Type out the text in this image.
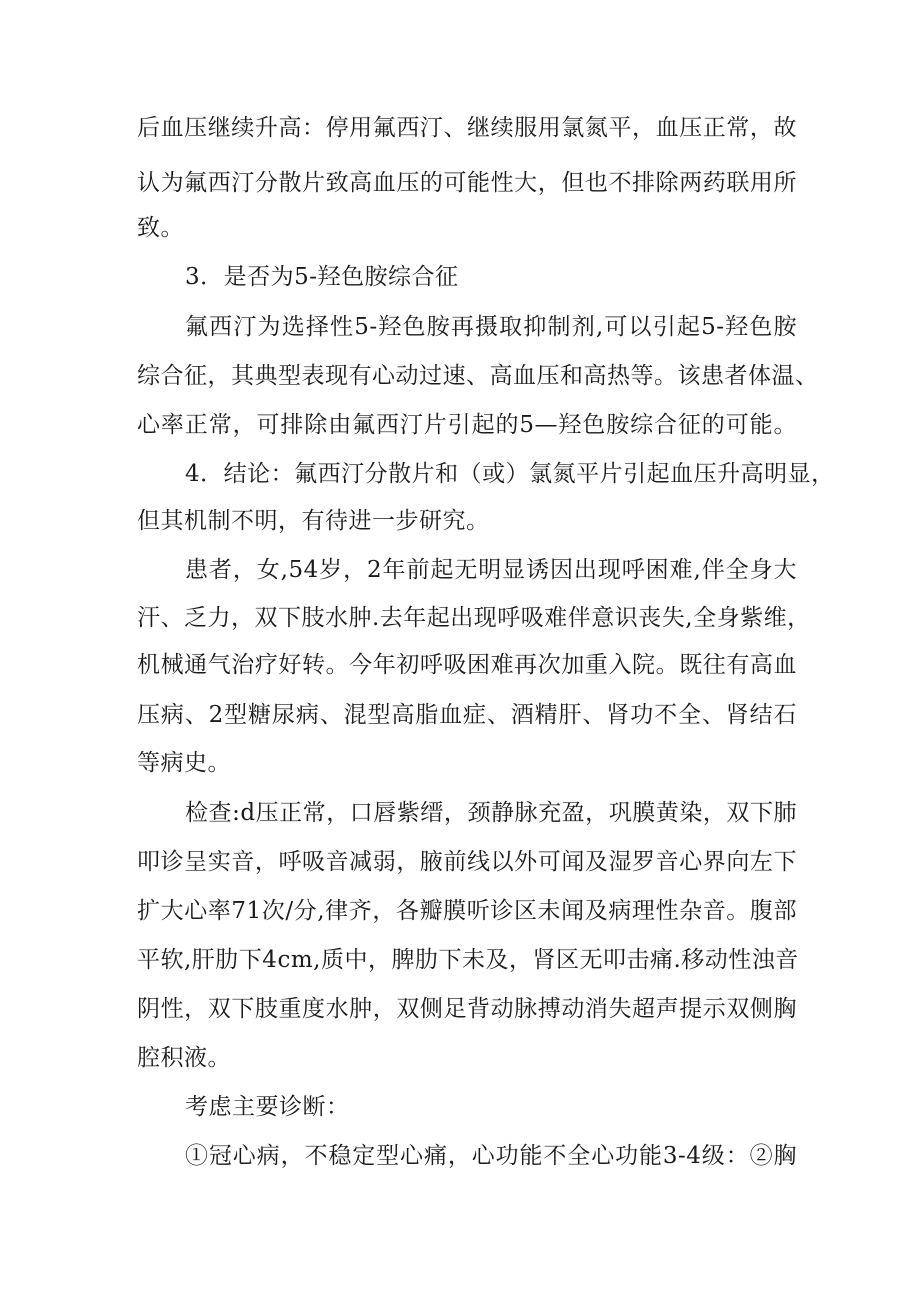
后血压继续升高：停用氟西汀、继续服用氯氮平，血压正常，故
认为氟西汀分散片致高血压的可能性大，但也不排除两药联用所
致。
3．是否为5-羟色胺综合征
氟西汀为选择性5-羟色胺再摄取抑制剂,可以引起5-羟色胺
综合征，其典型表现有心动过速、高血压和高热等。该患者体温、
心率正常，可排除由氟西汀片引起的5—羟色胺综合征的可能。
4．结论：氟西汀分散片和（或）氯氮平片引起血压升高明显，
但其机制不明，有待进一步研究。
患者，女,54岁，2年前起无明显诱因出现呼困难,伴全身大
汗、乏力，双下肢水肿.去年起出现呼吸难伴意识丧失,全身紫维，
机械通气治疗好转。今年初呼吸困难再次加重入院。既往有高血
压病、2型糖尿病、混型高脂血症、酒精肝、肾功不全、肾结石
等病史。
检查:d压正常，口唇紫缙，颈静脉充盈，巩膜黄染，双下肺
叩诊呈实音，呼吸音减弱，腋前线以外可闻及湿罗音心界向左下
扩大心率71次/分,律齐，各瓣膜听诊区未闻及病理性杂音。腹部
平软,肝肋下4cm,质中，脾肋下未及，肾区无叩击痛.移动性浊音
阴性，双下肢重度水肿，双侧足背动脉搏动消失超声提示双侧胸
腔积液。
考虑主要诊断：
①冠心病，不稳定型心痛，心功能不全心功能3-4级：②胸
